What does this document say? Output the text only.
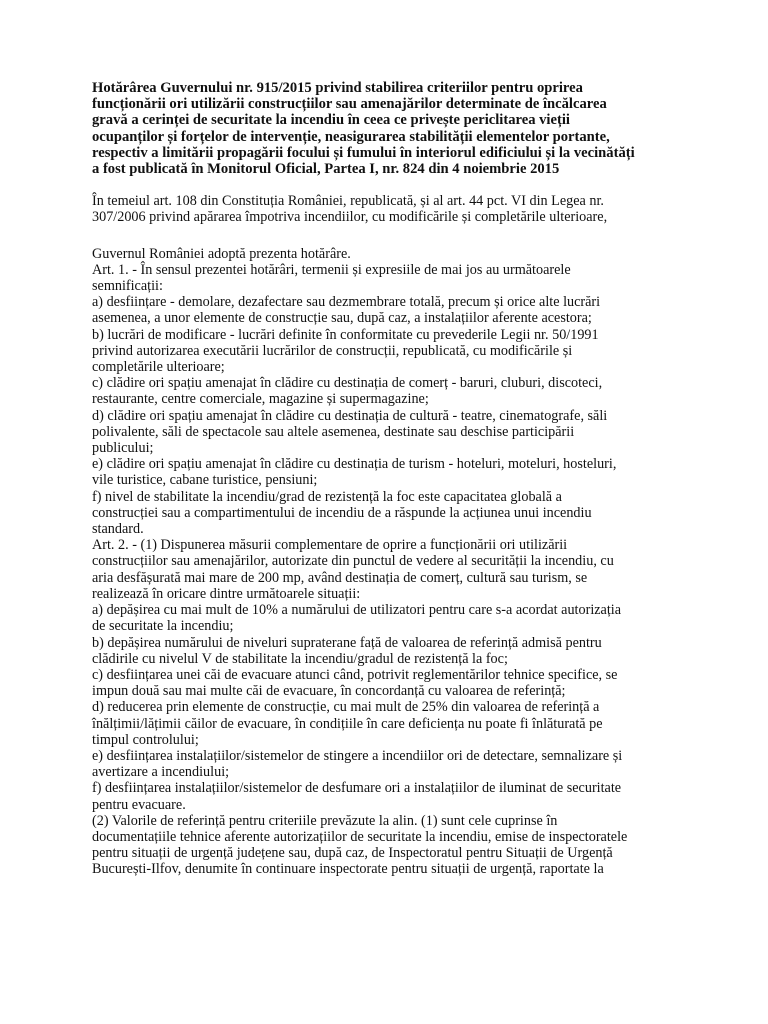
Hotărârea Guvernului nr. 915/2015 privind stabilirea criteriilor pentru oprirea
funcționării ori utilizării construcțiilor sau amenajărilor determinate de încălcarea
gravă a cerinței de securitate la incendiu în ceea ce privește periclitarea vieții
ocupanților și forțelor de intervenție, neasigurarea stabilității elementelor portante,
respectiv a limitării propagării focului și fumului în interiorul edificiului și la vecinătăți
a fost publicată în Monitorul Oficial, Partea I, nr. 824 din 4 noiembrie 2015
În temeiul art. 108 din Constituția României, republicată, și al art. 44 pct. VI din Legea nr.
307/2006 privind apărarea împotriva incendiilor, cu modificările și completările ulterioare,
Guvernul României adoptă prezenta hotărâre.
Art. 1. - În sensul prezentei hotărâri, termenii și expresiile de mai jos au următoarele
semnificații:
a) desființare - demolare, dezafectare sau dezmembrare totală, precum și orice alte lucrări
asemenea, a unor elemente de construcție sau, după caz, a instalațiilor aferente acestora;
b) lucrări de modificare - lucrări definite în conformitate cu prevederile Legii nr. 50/1991
privind autorizarea executării lucrărilor de construcții, republicată, cu modificările și
completările ulterioare;
c) clădire ori spațiu amenajat în clădire cu destinația de comerț - baruri, cluburi, discoteci,
restaurante, centre comerciale, magazine și supermagazine;
d) clădire ori spațiu amenajat în clădire cu destinația de cultură - teatre, cinematografe, săli
polivalente, săli de spectacole sau altele asemenea, destinate sau deschise participării
publicului;
e) clădire ori spațiu amenajat în clădire cu destinația de turism - hoteluri, moteluri, hosteluri,
vile turistice, cabane turistice, pensiuni;
f) nivel de stabilitate la incendiu/grad de rezistență la foc este capacitatea globală a
construcției sau a compartimentului de incendiu de a răspunde la acțiunea unui incendiu
standard.
Art. 2. - (1) Dispunerea măsurii complementare de oprire a funcționării ori utilizării
construcțiilor sau amenajărilor, autorizate din punctul de vedere al securității la incendiu, cu
aria desfășurată mai mare de 200 mp, având destinația de comerț, cultură sau turism, se
realizează în oricare dintre următoarele situații:
a) depășirea cu mai mult de 10% a numărului de utilizatori pentru care s-a acordat autorizația
de securitate la incendiu;
b) depășirea numărului de niveluri supraterane față de valoarea de referință admisă pentru
clădirile cu nivelul V de stabilitate la incendiu/gradul de rezistență la foc;
c) desființarea unei căi de evacuare atunci când, potrivit reglementărilor tehnice specifice, se
impun două sau mai multe căi de evacuare, în concordanță cu valoarea de referință;
d) reducerea prin elemente de construcție, cu mai mult de 25% din valoarea de referință a
înălțimii/lățimii căilor de evacuare, în condițiile în care deficiența nu poate fi înlăturată pe
timpul controlului;
e) desființarea instalațiilor/sistemelor de stingere a incendiilor ori de detectare, semnalizare și
avertizare a incendiului;
f) desființarea instalațiilor/sistemelor de desfumare ori a instalațiilor de iluminat de securitate
pentru evacuare.
(2) Valorile de referință pentru criteriile prevăzute la alin. (1) sunt cele cuprinse în
documentațiile tehnice aferente autorizațiilor de securitate la incendiu, emise de inspectoratele
pentru situații de urgență județene sau, după caz, de Inspectoratul pentru Situații de Urgență
București-Ilfov, denumite în continuare inspectorate pentru situații de urgență, raportate la
